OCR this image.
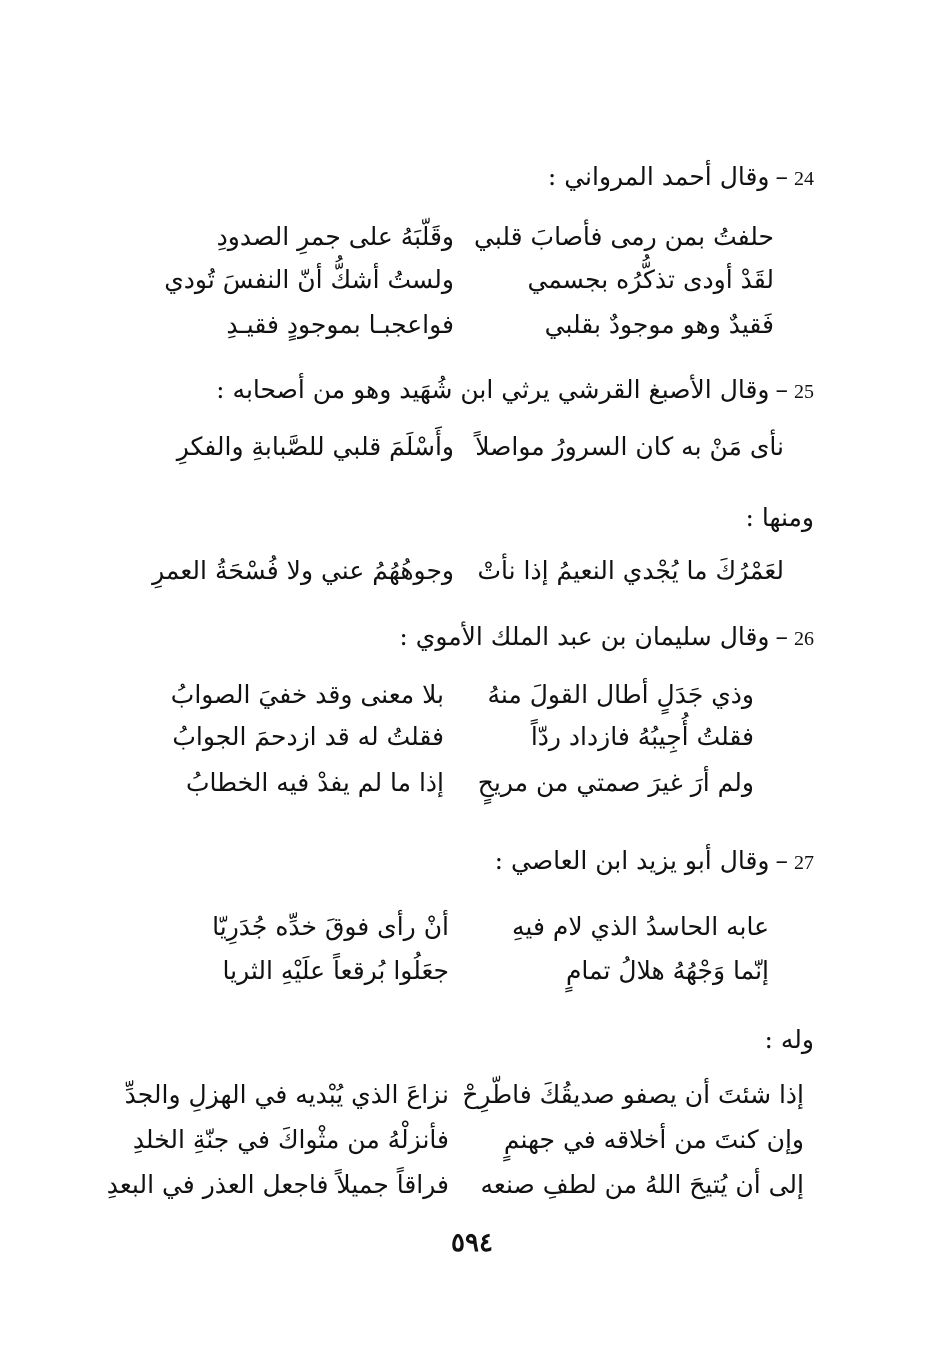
24–وقال أحمد المرواني :
حلفتُ بمن رمى فأصابَ قلبي
وقَلّبَهُ على جمرِ الصدودِ
لقَدْ أودى تذكُّرُه بجسمي
ولستُ أشكُّ أنّ النفسَ تُودي
فَقيدٌ وهو موجودٌ بقلبي
فواعجبـا بموجودٍ فقيـدِ
25–وقال الأصبغ القرشي يرثي ابن شُهَيد وهو من أصحابه :
نأى مَنْ به كان السرورُ مواصلاً
وأَسْلَمَ قلبي للصَّبابةِ والفكرِ
ومنها :
لعَمْرُكَ ما يُجْدي النعيمُ إذا نأتْ
وجوهُهُمُ عني ولا فُسْحَةُ العمرِ
26–وقال سليمان بن عبد الملك الأموي :
وذي جَدَلٍ أطال القولَ منهُ
بلا معنى وقد خفيَ الصوابُ
فقلتُ أُجِيبُهُ فازداد ردّاً
فقلتُ له قد ازدحمَ الجوابُ
ولم أرَ غيرَ صمتي من مريحٍ
إذا ما لم يفدْ فيه الخطابُ
27–وقال أبو يزيد ابن العاصي :
عابه الحاسدُ الذي لام فيهِ
أنْ رأى فوقَ خدِّه جُدَرِيّا
إنّما وَجْهُهُ هلالُ تمامٍ
جعَلُوا بُرقعاً علَيْهِ الثريا
وله :
إذا شئتَ أن يصفو صديقُكَ فاطّرِحْ
نزاعَ الذي يُبْديه في الهزلِ والجدِّ
وإن كنتَ من أخلاقه في جهنمٍ
فأنزلْهُ من مثْواكَ في جنّةِ الخلدِ
إلى أن يُتيحَ اللهُ من لطفِ صنعه
فراقاً جميلاً فاجعل العذر في البعدِ
٥٩٤
